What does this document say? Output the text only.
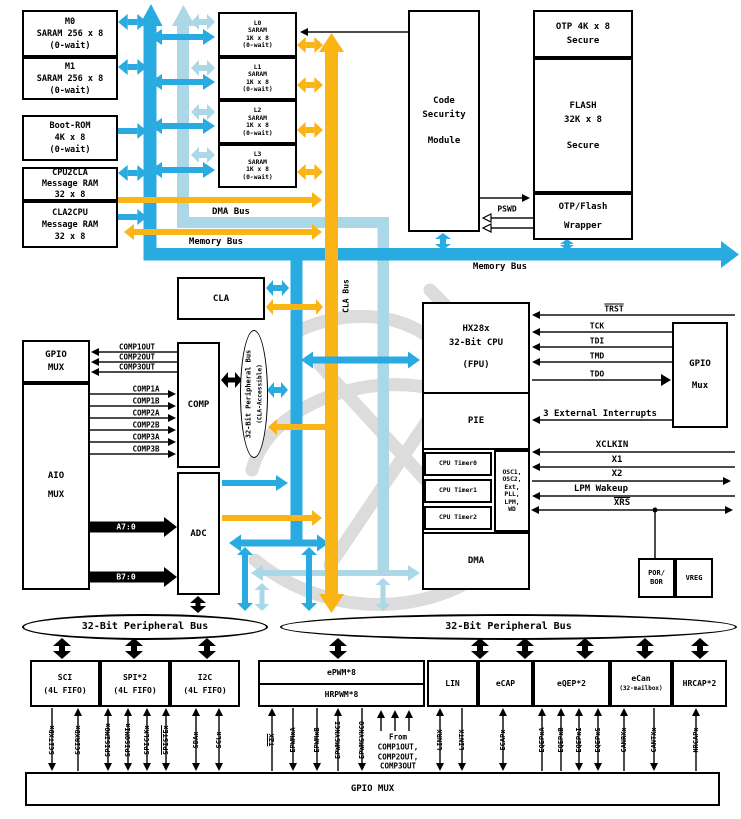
M0
SARAM 256 x 8
(0-wait)
M1
SARAM 256 x 8
(0-wait)
Boot-ROM
4K x 8
(0-wait)
CPU2CLA
Message RAM
32 x 8
CLA2CPU
Message RAM
32 x 8
L0
SARAM
1K x 8
(0-wait)
L1
SARAM
1K x 8
(0-wait)
L2
SARAM
1K x 8
(0-wait)
L3
SARAM
1K x 8
(0-wait)
Code
Security
Module
OTP 4K x 8
Secure
FLASH
32K x 8
Secure
OTP/Flash
Wrapper
PSWD
DMA Bus
Memory Bus
Memory Bus
CLA Bus
CLA
32-Bit Peripheral Bus (CLA-Accessible)
GPIO
MUX
AIO
MUX
COMP
ADC
COMP1OUT
COMP2OUT
COMP3OUT
COMP1A
COMP1B
COMP2A
COMP2B
COMP3A
COMP3B
A7:0
B7:0
HX28x
32-Bit CPU
(FPU)
PIE
CPU Timer0
CPU Timer1
CPU Timer2
OSC1,
OSC2,
Ext,
PLL,
LPM,
WD
DMA
GPIO
Mux
POR/
BOR
VREG
TRST
TCK
TDI
TMD
TDO
3 External Interrupts
XCLKIN
X1
X2
LPM Wakeup
$\overline{XRS}$
32-Bit Peripheral Bus	32-Bit Peripheral Bus
SCI
(4L FIFO)
SPI*2
(4L FIFO)
I2C
(4L FIFO)
ePWM*8
HRPWM*8
LIN	eCAP	eQEP*2
eCan
(32-mailbox)
HRCAP*2
From
COMP1OUT,
COMP2OUT,
COMP3OUT
GPIO MUX
SCITXDx	SCIRXDx	SPISIMOx SPISOMIx SPICLKx SPISTEx	SDAx SCLx	$\overline{TZX}$ EPWMxA EPWMxB EPWMSYNCI EPWMSYNCO	LINRX LINTX	ECAPx	EQEPxA EQEPxB EQEPxI EQEPxS	CANRXx	CANTXx	HRCAPx
